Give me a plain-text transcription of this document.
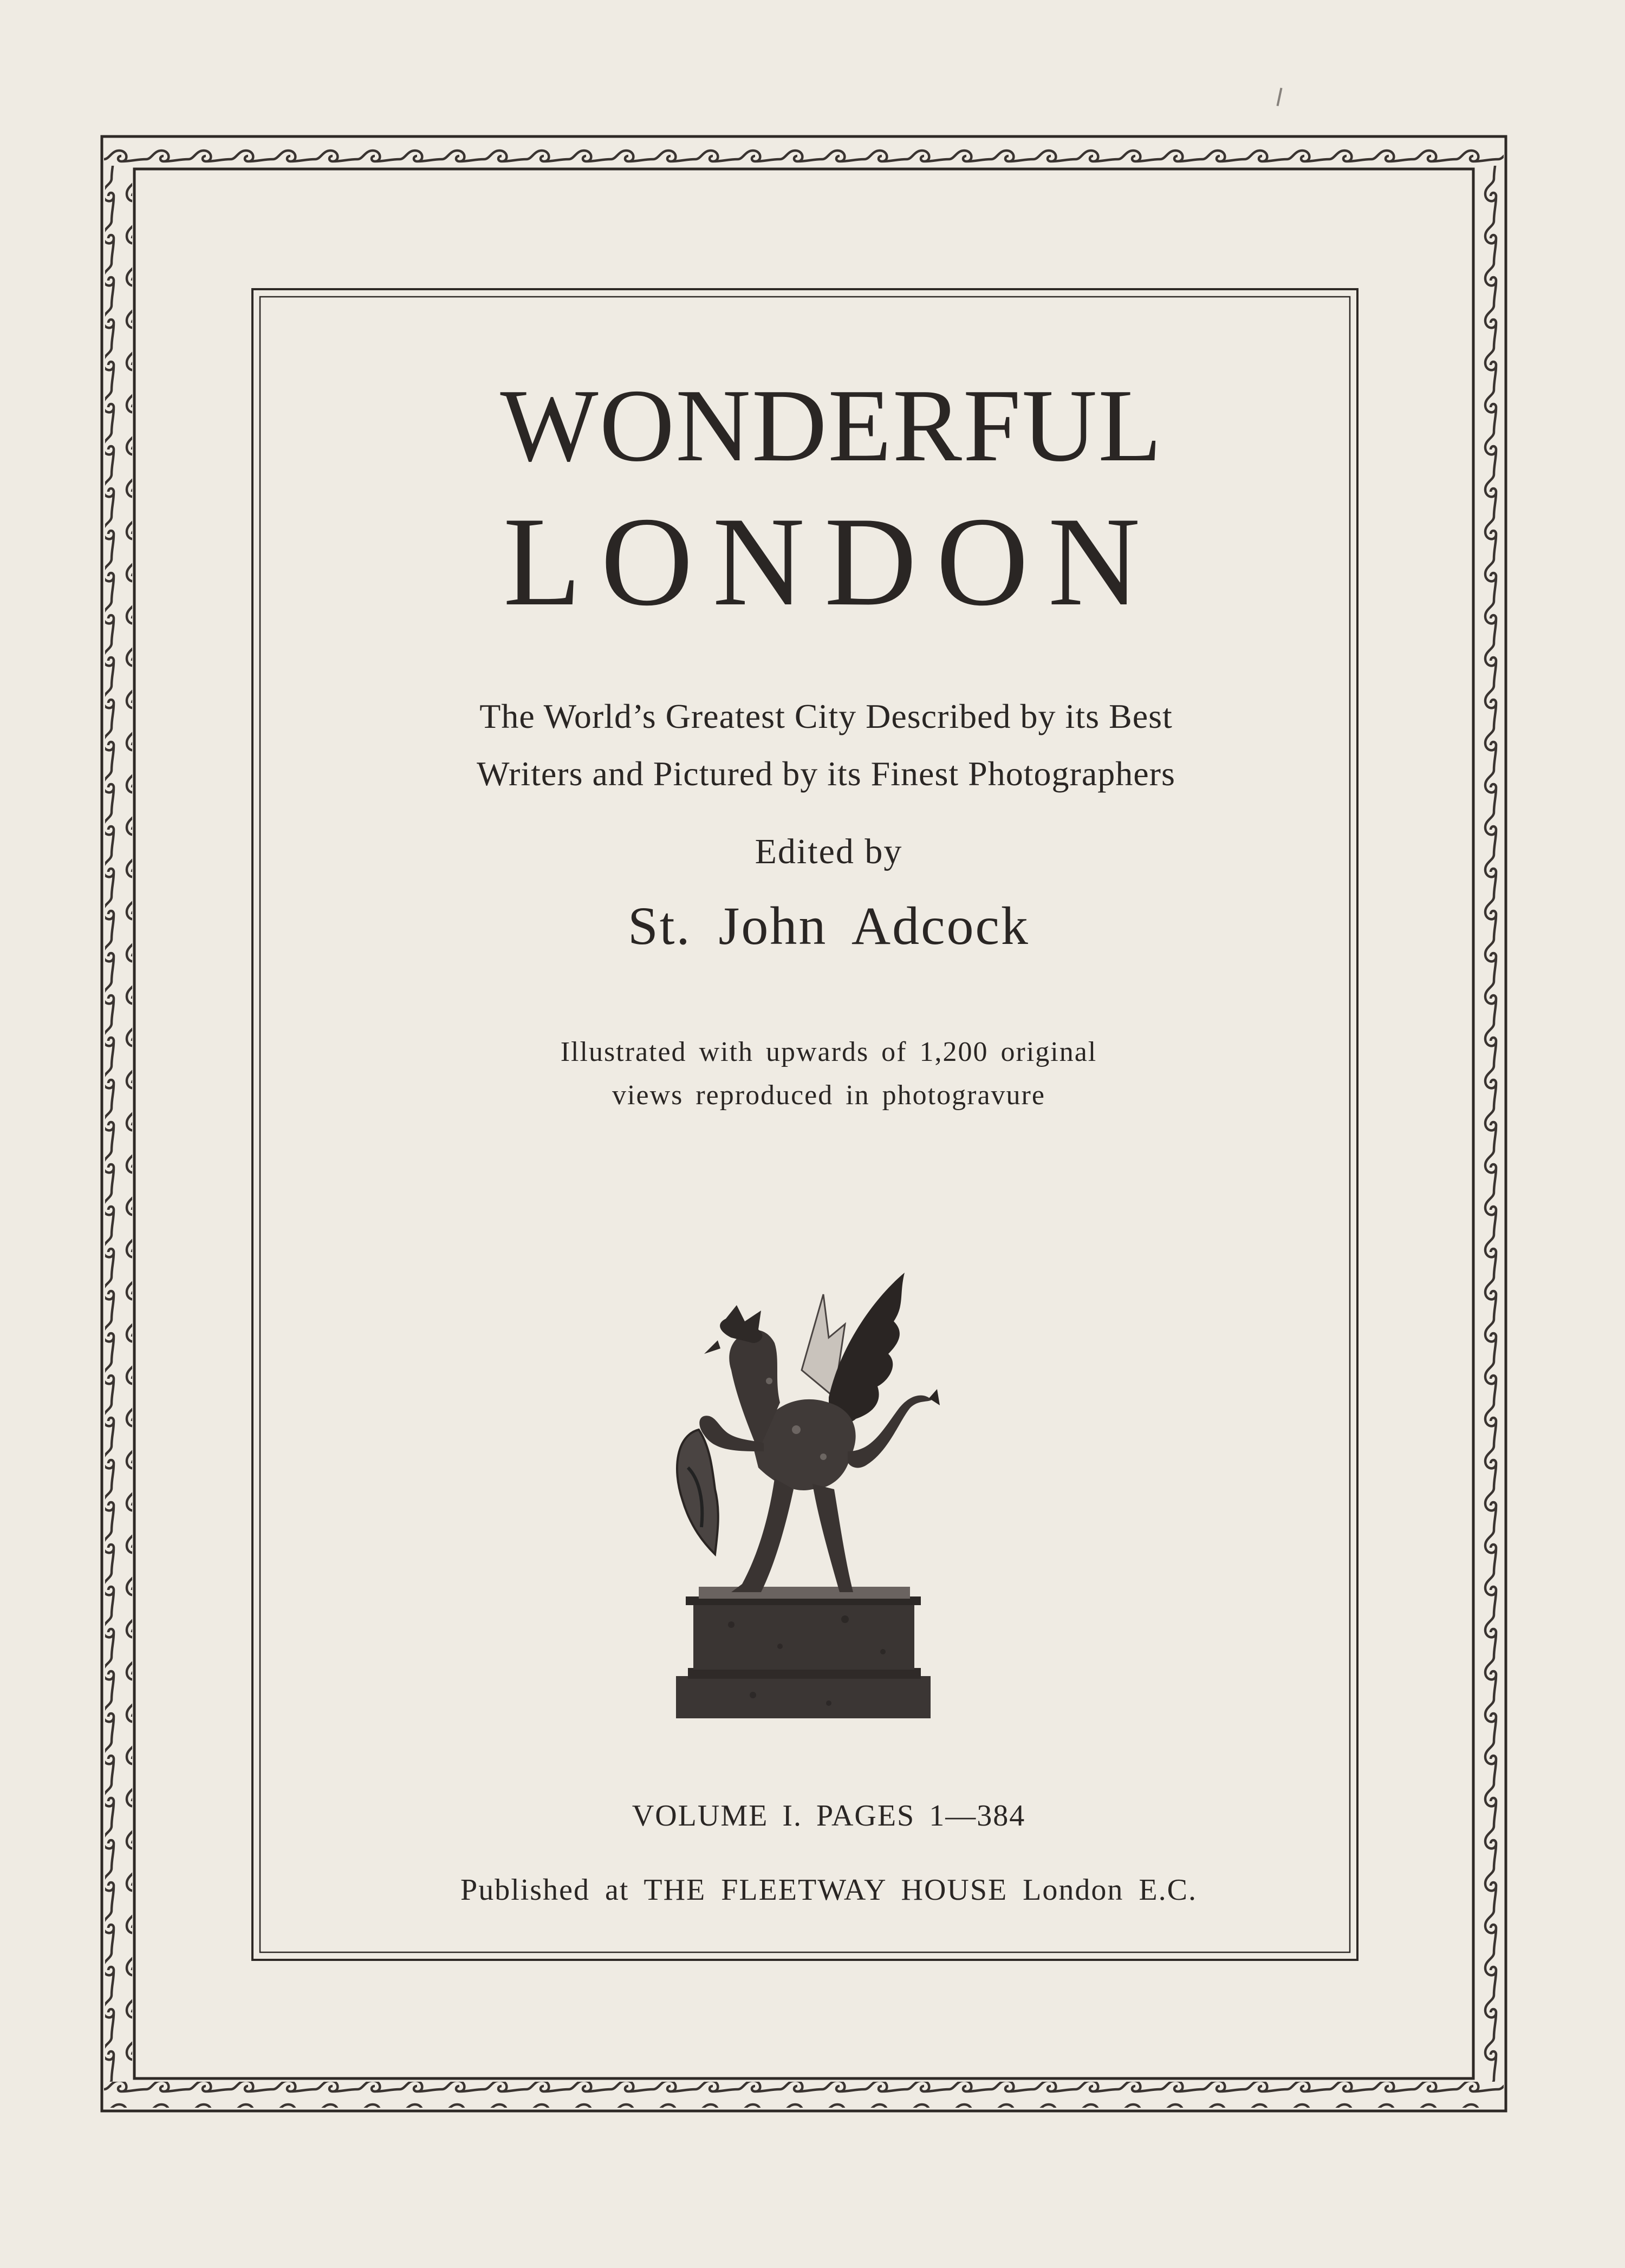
WONDERFUL
LONDON
The World’s Greatest City Described by its Best
Writers and Pictured by its Finest Photographers
Edited by
St. John Adcock
Illustrated with upwards of 1,200 original
views reproduced in photogravure
VOLUME I. PAGES 1—384
Published at THE FLEETWAY HOUSE London E.C.
